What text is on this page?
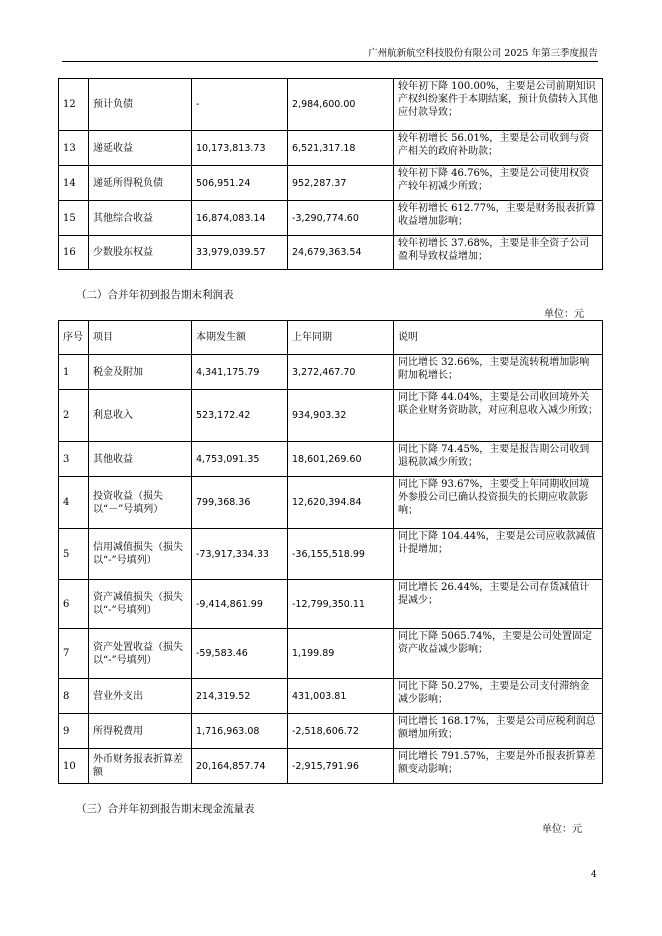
广州航新航空科技股份有限公司 2025 年第三季度报告
12	预计负债	-	2,984,600.00	较年初下降 100.00%，主要是公司前期知识产权纠纷案件于本期结案，预计负债转入其他应付款导致；
13	递延收益	10,173,813.73	6,521,317.18	较年初增长 56.01%，主要是公司收到与资产相关的政府补助款；
14	递延所得税负债	506,951.24	952,287.37	较年初下降 46.76%，主要是公司使用权资产较年初减少所致；
15	其他综合收益	16,874,083.14	-3,290,774.60	较年初增长 612.77%，主要是财务报表折算收益增加影响；
16	少数股东权益	33,979,039.57	24,679,363.54	较年初增长 37.68%，主要是非全资子公司盈利导致权益增加；
（二）合并年初到报告期末利润表
单位：元
序号	项目	本期发生额	上年同期	说明
1	税金及附加	4,341,175.79	3,272,467.70	同比增长 32.66%，主要是流转税增加影响附加税增长；
2	利息收入	523,172.42	934,903.32	同比下降 44.04%，主要是公司收回境外关联企业财务资助款，对应利息收入减少所致；
3	其他收益	4,753,091.35	18,601,269.60	同比下降 74.45%，主要是报告期公司收到退税款减少所致；
4	投资收益（损失以“－”号填列）	799,368.36	12,620,394.84	同比下降 93.67%，主要受上年同期收回境外参股公司已确认投资损失的长期应收款影响；
5	信用减值损失（损失以“-”号填列）	-73,917,334.33	-36,155,518.99	同比下降 104.44%，主要是公司应收款减值计提增加；
6	资产减值损失（损失以“-”号填列）	-9,414,861.99	-12,799,350.11	同比增长 26.44%，主要是公司存货减值计提减少；
7	资产处置收益（损失以“-”号填列）	-59,583.46	1,199.89	同比下降 5065.74%，主要是公司处置固定资产收益减少影响；
8	营业外支出	214,319.52	431,003.81	同比下降 50.27%，主要是公司支付滞纳金减少影响；
9	所得税费用	1,716,963.08	-2,518,606.72	同比增长 168.17%，主要是公司应税利润总额增加所致；
10	外币财务报表折算差额	20,164,857.74	-2,915,791.96	同比增长 791.57%，主要是外币报表折算差额变动影响；
（三）合并年初到报告期末现金流量表
单位：元
4
